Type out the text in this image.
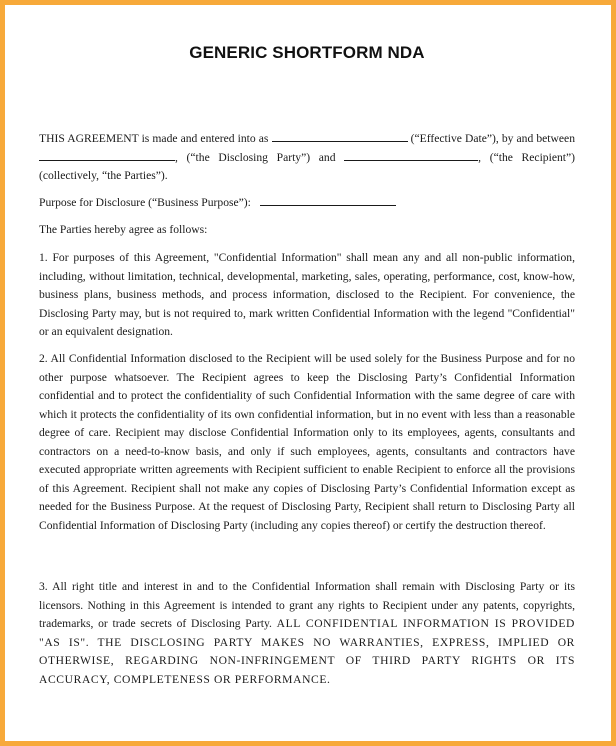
GENERIC SHORTFORM NDA

THIS AGREEMENT is made and entered into as	(“Effective Date”), by and between , (“the Disclosing Party”) and	, (“the Recipient”) (collectively, “the Parties”).

Purpose for Disclosure (“Business Purpose”):

The Parties hereby agree as follows:

1. For purposes of this Agreement, "Confidential Information" shall mean any and all non-public information, including, without limitation, technical, developmental, marketing, sales, operating, performance, cost, know-how, business plans, business methods, and process information, disclosed to the Recipient. For convenience, the Disclosing Party may, but is not required to, mark written Confidential Information with the legend "Confidential" or an equivalent designation.

2. All Confidential Information disclosed to the Recipient will be used solely for the Business Purpose and for no other purpose whatsoever. The Recipient agrees to keep the Disclosing Party’s Confidential Information confidential and to protect the confidentiality of such Confidential Information with the same degree of care with which it protects the confidentiality of its own confidential information, but in no event with less than a reasonable degree of care. Recipient may disclose Confidential Information only to its employees, agents, consultants and contractors on a need-to-know basis, and only if such employees, agents, consultants and contractors have executed appropriate written agreements with Recipient sufficient to enable Recipient to enforce all the provisions of this Agreement. Recipient shall not make any copies of Disclosing Party’s Confidential Information except as needed for the Business Purpose. At the request of Disclosing Party, Recipient shall return to Disclosing Party all Confidential Information of Disclosing Party (including any copies thereof) or certify the destruction thereof.

3. All right title and interest in and to the Confidential Information shall remain with Disclosing Party or its licensors. Nothing in this Agreement is intended to grant any rights to Recipient under any patents, copyrights, trademarks, or trade secrets of Disclosing Party. ALL CONFIDENTIAL INFORMATION IS PROVIDED "AS IS". THE DISCLOSING PARTY MAKES NO WARRANTIES, EXPRESS, IMPLIED OR OTHERWISE, REGARDING NON-INFRINGEMENT OF THIRD PARTY RIGHTS OR ITS ACCURACY, COMPLETENESS OR PERFORMANCE.
